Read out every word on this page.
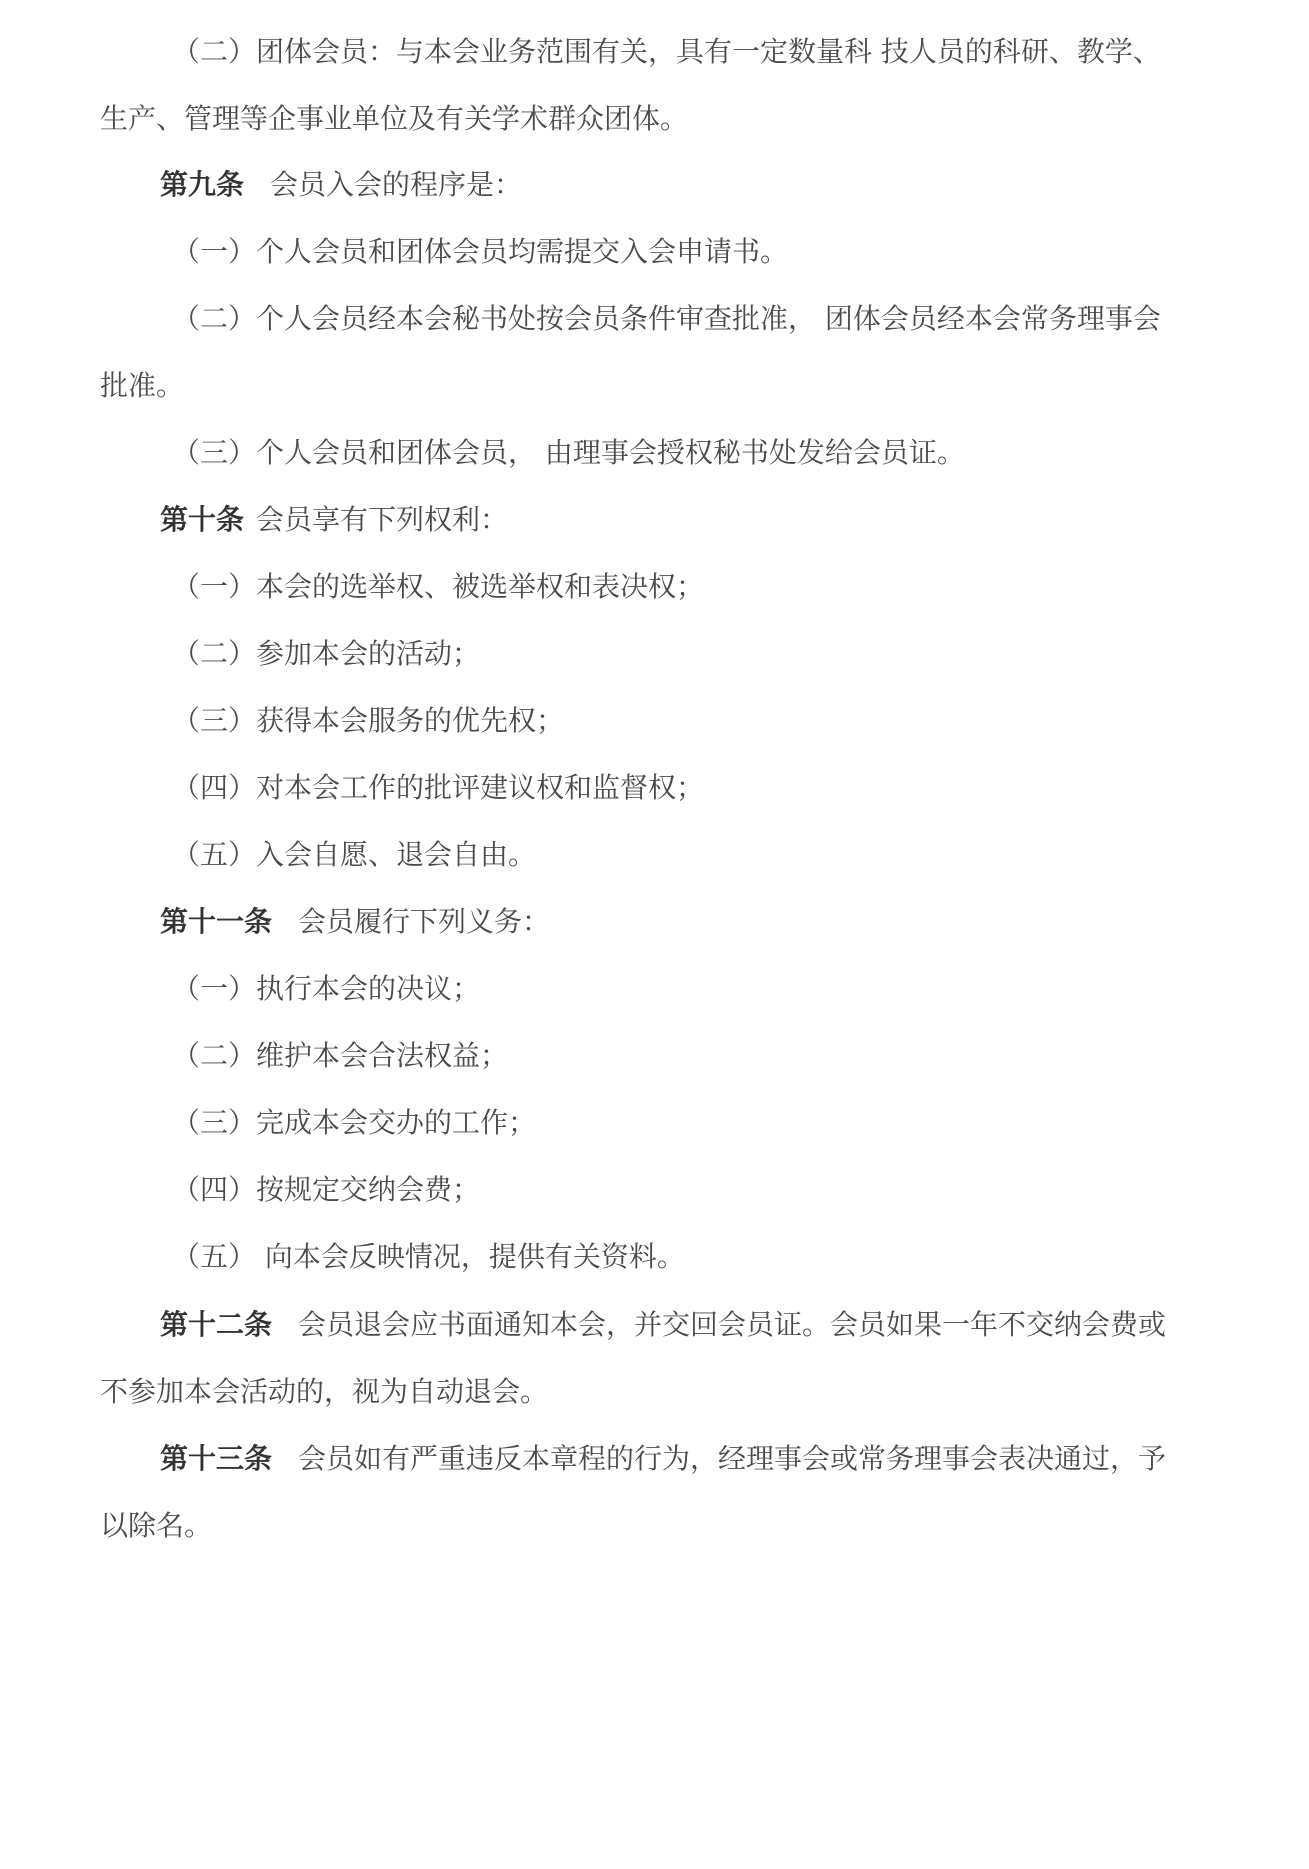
（二）团体会员：与本会业务范围有关，具有一定数量科 技人员的科研、教学、
生产、管理等企事业单位及有关学术群众团体。
第九条 会员入会的程序是：
（一）个人会员和团体会员均需提交入会申请书。
（二）个人会员经本会秘书处按会员条件审查批准， 团体会员经本会常务理事会
批准。
（三）个人会员和团体会员， 由理事会授权秘书处发给会员证。
第十条 会员享有下列权利：
（一）本会的选举权、被选举权和表决权；
（二）参加本会的活动；
（三）获得本会服务的优先权；
（四）对本会工作的批评建议权和监督权；
（五）入会自愿、退会自由。
第十一条 会员履行下列义务：
（一）执行本会的决议；
（二）维护本会合法权益；
（三）完成本会交办的工作；
（四）按规定交纳会费；
（五） 向本会反映情况，提供有关资料。
第十二条 会员退会应书面通知本会，并交回会员证。会员如果一年不交纳会费或
不参加本会活动的，视为自动退会。
第十三条 会员如有严重违反本章程的行为，经理事会或常务理事会表决通过，予
以除名。
